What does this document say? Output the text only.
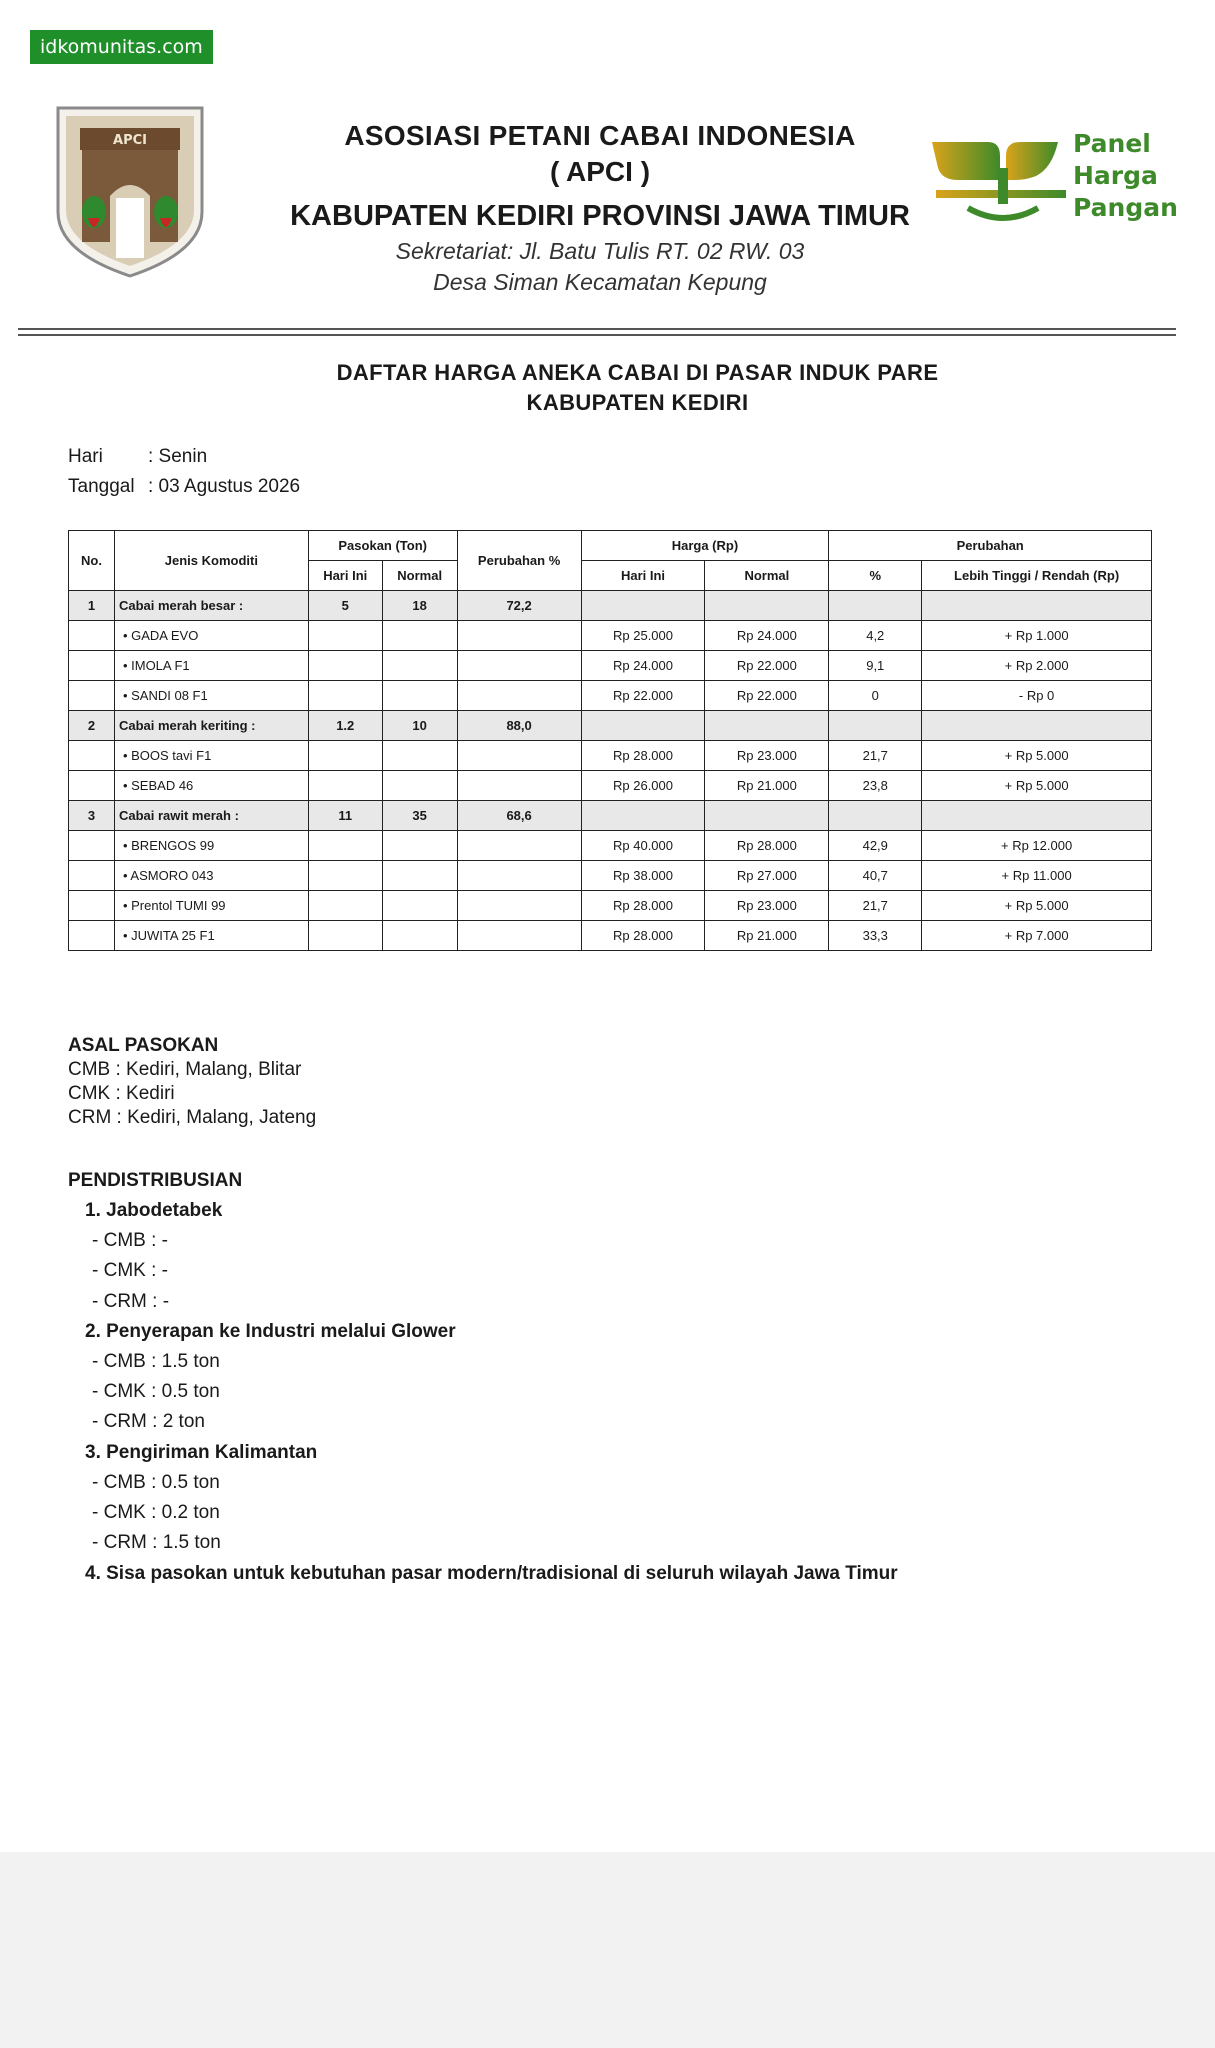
idkomunitas.com
APCI	ASOSIASI PETANI CABAI INDONESIA
( APCI )
KABUPATEN KEDIRI PROVINSI JAWA TIMUR
Sekretariat: Jl. Batu Tulis RT. 02 RW. 03
Desa Siman Kecamatan Kepung
Panel
Harga
Pangan
DAFTAR HARGA ANEKA CABAI DI PASAR INDUK PARE
KABUPATEN KEDIRI
Hari	: Senin
Tanggal : 03 Agustus 2026
No.	Jenis Komoditi	Pasokan (Ton)		Perubahan %	Harga (Rp)		Perubahan	
		Hari Ini	Normal		Hari Ini	Normal	%	Lebih Tinggi / Rendah (Rp)
1	Cabai merah besar :	5	18	72,2				
	• GADA EVO				Rp 25.000	Rp 24.000	4,2	+ Rp 1.000
	• IMOLA F1				Rp 24.000	Rp 22.000	9,1	+ Rp 2.000
	• SANDI 08 F1				Rp 22.000	Rp 22.000	0	- Rp 0
2	Cabai merah keriting :	1.2	10	88,0				
	• BOOS tavi F1				Rp 28.000	Rp 23.000	21,7	+ Rp 5.000
	• SEBAD 46				Rp 26.000	Rp 21.000	23,8	+ Rp 5.000
3	Cabai rawit merah :	11	35	68,6				
	• BRENGOS 99				Rp 40.000	Rp 28.000	42,9	+ Rp 12.000
	• ASMORO 043				Rp 38.000	Rp 27.000	40,7	+ Rp 11.000
	• Prentol TUMI 99				Rp 28.000	Rp 23.000	21,7	+ Rp 5.000
	• JUWITA 25 F1				Rp 28.000	Rp 21.000	33,3	+ Rp 7.000
ASAL PASOKAN
CMB : Kediri, Malang, Blitar
CMK : Kediri
CRM : Kediri, Malang, Jateng
PENDISTRIBUSIAN
1. Jabodetabek
- CMB : -
- CMK : -
- CRM : -
2. Penyerapan ke Industri melalui Glower
- CMB : 1.5 ton
- CMK : 0.5 ton
- CRM : 2 ton
3. Pengiriman Kalimantan
- CMB : 0.5 ton
- CMK : 0.2 ton
- CRM : 1.5 ton
4. Sisa pasokan untuk kebutuhan pasar modern/tradisional di seluruh wilayah Jawa Timur
